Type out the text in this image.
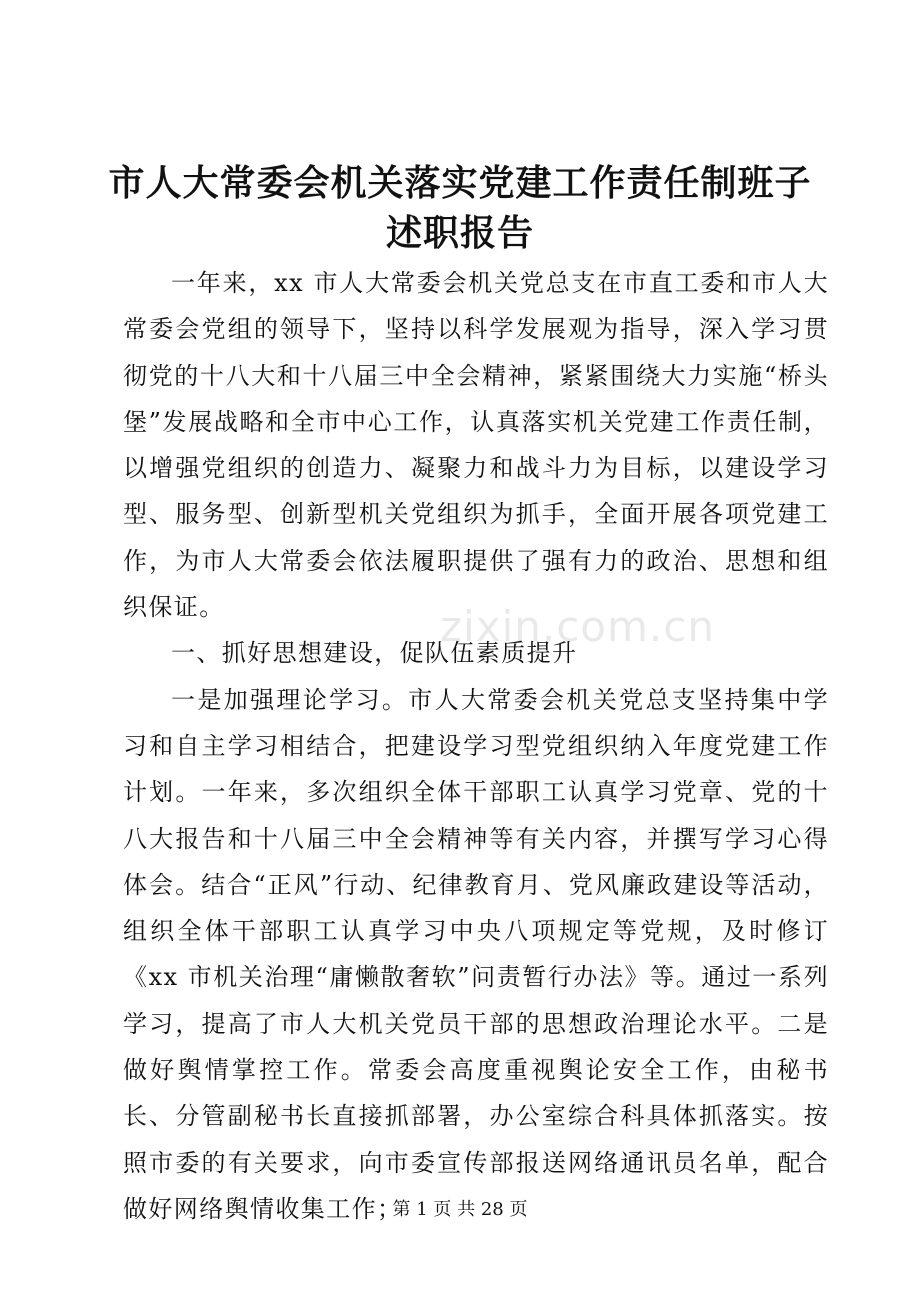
市人大常委会机关落实党建工作责任制班子述职报告

一年来，xx 市人大常委会机关党总支在市直工委和市人大常委会党组的领导下，坚持以科学发展观为指导，深入学习贯彻党的十八大和十八届三中全会精神，紧紧围绕大力实施“桥头堡”发展战略和全市中心工作，认真落实机关党建工作责任制，以增强党组织的创造力、凝聚力和战斗力为目标，以建设学习型、服务型、创新型机关党组织为抓手，全面开展各项党建工作，为市人大常委会依法履职提供了强有力的政治、思想和组织保证。

一、抓好思想建设，促队伍素质提升

一是加强理论学习。市人大常委会机关党总支坚持集中学习和自主学习相结合，把建设学习型党组织纳入年度党建工作计划。一年来，多次组织全体干部职工认真学习党章、党的十八大报告和十八届三中全会精神等有关内容，并撰写学习心得体会。结合“正风”行动、纪律教育月、党风廉政建设等活动，组织全体干部职工认真学习中央八项规定等党规，及时修订《xx 市机关治理“庸懒散奢软”问责暂行办法》等。通过一系列学习，提高了市人大机关党员干部的思想政治理论水平。二是做好舆情掌控工作。常委会高度重视舆论安全工作，由秘书长、分管副秘书长直接抓部署，办公室综合科具体抓落实。按照市委的有关要求，向市委宣传部报送网络通讯员名单，配合做好网络舆情收集工作；

zixin.com.cn
第 1 页 共 28 页
